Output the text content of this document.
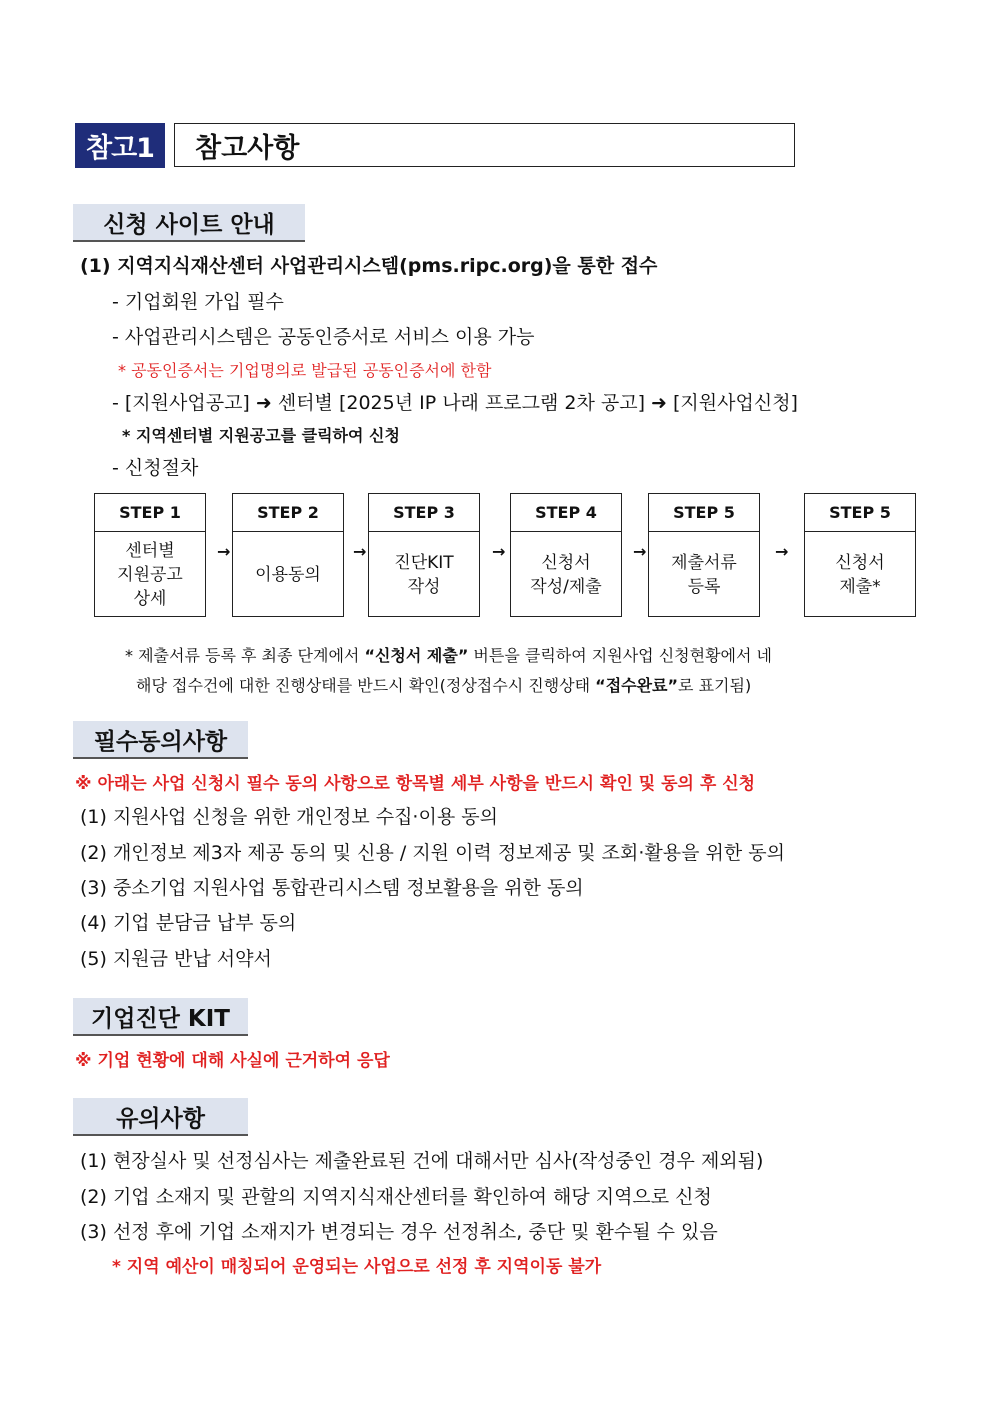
참고1	참고사항
신청 사이트 안내
(1) 지역지식재산센터 사업관리시스템(pms.ripc.org)을 통한 접수
- 기업회원 가입 필수
- 사업관리시스템은 공동인증서로 서비스 이용 가능
* 공동인증서는 기업명의로 발급된 공동인증서에 한함
- [지원사업공고] ➜ 센터별 [2025년 IP 나래 프로그램 2차 공고] ➜ [지원사업신청]
* 지역센터별 지원공고를 클릭하여 신청
- 신청절차
STEP 1
센터별
지원공고
상세
→
STEP 2
이용동의
→
STEP 3
진단KIT
작성
→
STEP 4
신청서
작성/제출
→
STEP 5
제출서류
등록
→
STEP 5
신청서
제출*
* 제출서류 등록 후 최종 단계에서 “신청서 제출” 버튼을 클릭하여 지원사업 신청현황에서 네
해당 접수건에 대한 진행상태를 반드시 확인(정상접수시 진행상태 “접수완료”로 표기됨)
필수동의사항
※ 아래는 사업 신청시 필수 동의 사항으로 항목별 세부 사항을 반드시 확인 및 동의 후 신청
(1) 지원사업 신청을 위한 개인정보 수집·이용 동의
(2) 개인정보 제3자 제공 동의 및 신용 / 지원 이력 정보제공 및 조회·활용을 위한 동의
(3) 중소기업 지원사업 통합관리시스템 정보활용을 위한 동의
(4) 기업 분담금 납부 동의
(5) 지원금 반납 서약서
기업진단 KIT
※ 기업 현황에 대해 사실에 근거하여 응답
유의사항
(1) 현장실사 및 선정심사는 제출완료된 건에 대해서만 심사(작성중인 경우 제외됨)
(2) 기업 소재지 및 관할의 지역지식재산센터를 확인하여 해당 지역으로 신청
(3) 선정 후에 기업 소재지가 변경되는 경우 선정취소, 중단 및 환수될 수 있음
* 지역 예산이 매칭되어 운영되는 사업으로 선정 후 지역이동 불가
